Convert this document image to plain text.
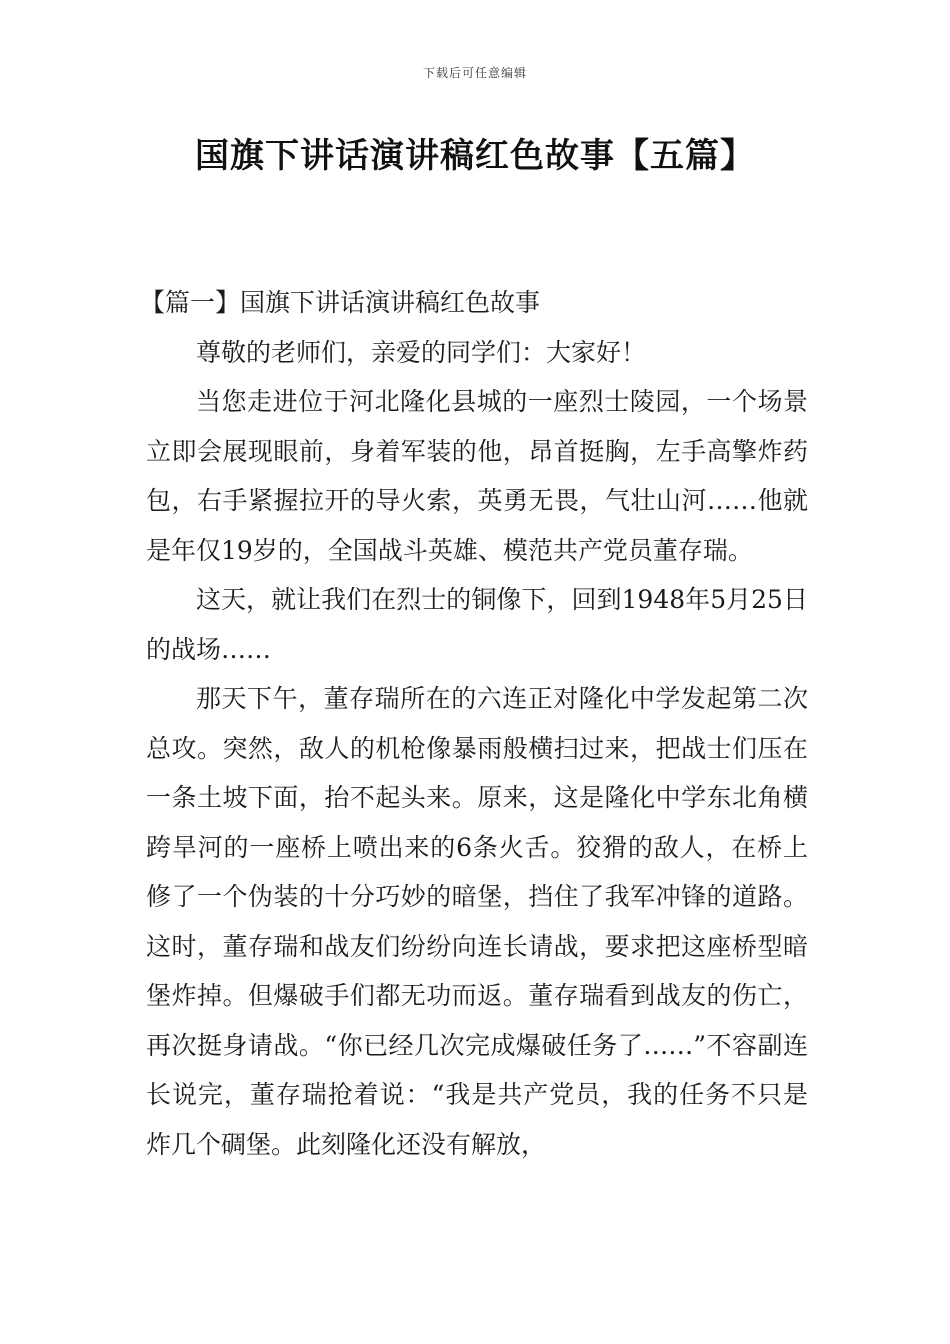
下载后可任意编辑
国旗下讲话演讲稿红色故事【五篇】

【篇一】国旗下讲话演讲稿红色故事

尊敬的老师们，亲爱的同学们：大家好！

当您走进位于河北隆化县城的一座烈士陵园，一个场景立即会展现眼前，身着军装的他，昂首挺胸，左手高擎炸药包，右手紧握拉开的导火索，英勇无畏，气壮山河……他就是年仅19岁的，全国战斗英雄、模范共产党员董存瑞。

这天，就让我们在烈士的铜像下，回到1948年5月25日的战场……

那天下午，董存瑞所在的六连正对隆化中学发起第二次总攻。突然，敌人的机枪像暴雨般横扫过来，把战士们压在一条土坡下面，抬不起头来。原来，这是隆化中学东北角横跨旱河的一座桥上喷出来的6条火舌。狡猾的敌人，在桥上修了一个伪装的十分巧妙的暗堡，挡住了我军冲锋的道路。这时，董存瑞和战友们纷纷向连长请战，要求把这座桥型暗堡炸掉。但爆破手们都无功而返。董存瑞看到战友的伤亡，再次挺身请战。“你已经几次完成爆破任务了……”不容副连长说完，董存瑞抢着说：“我是共产党员，我的任务不只是炸几个碉堡。此刻隆化还没有解放，
